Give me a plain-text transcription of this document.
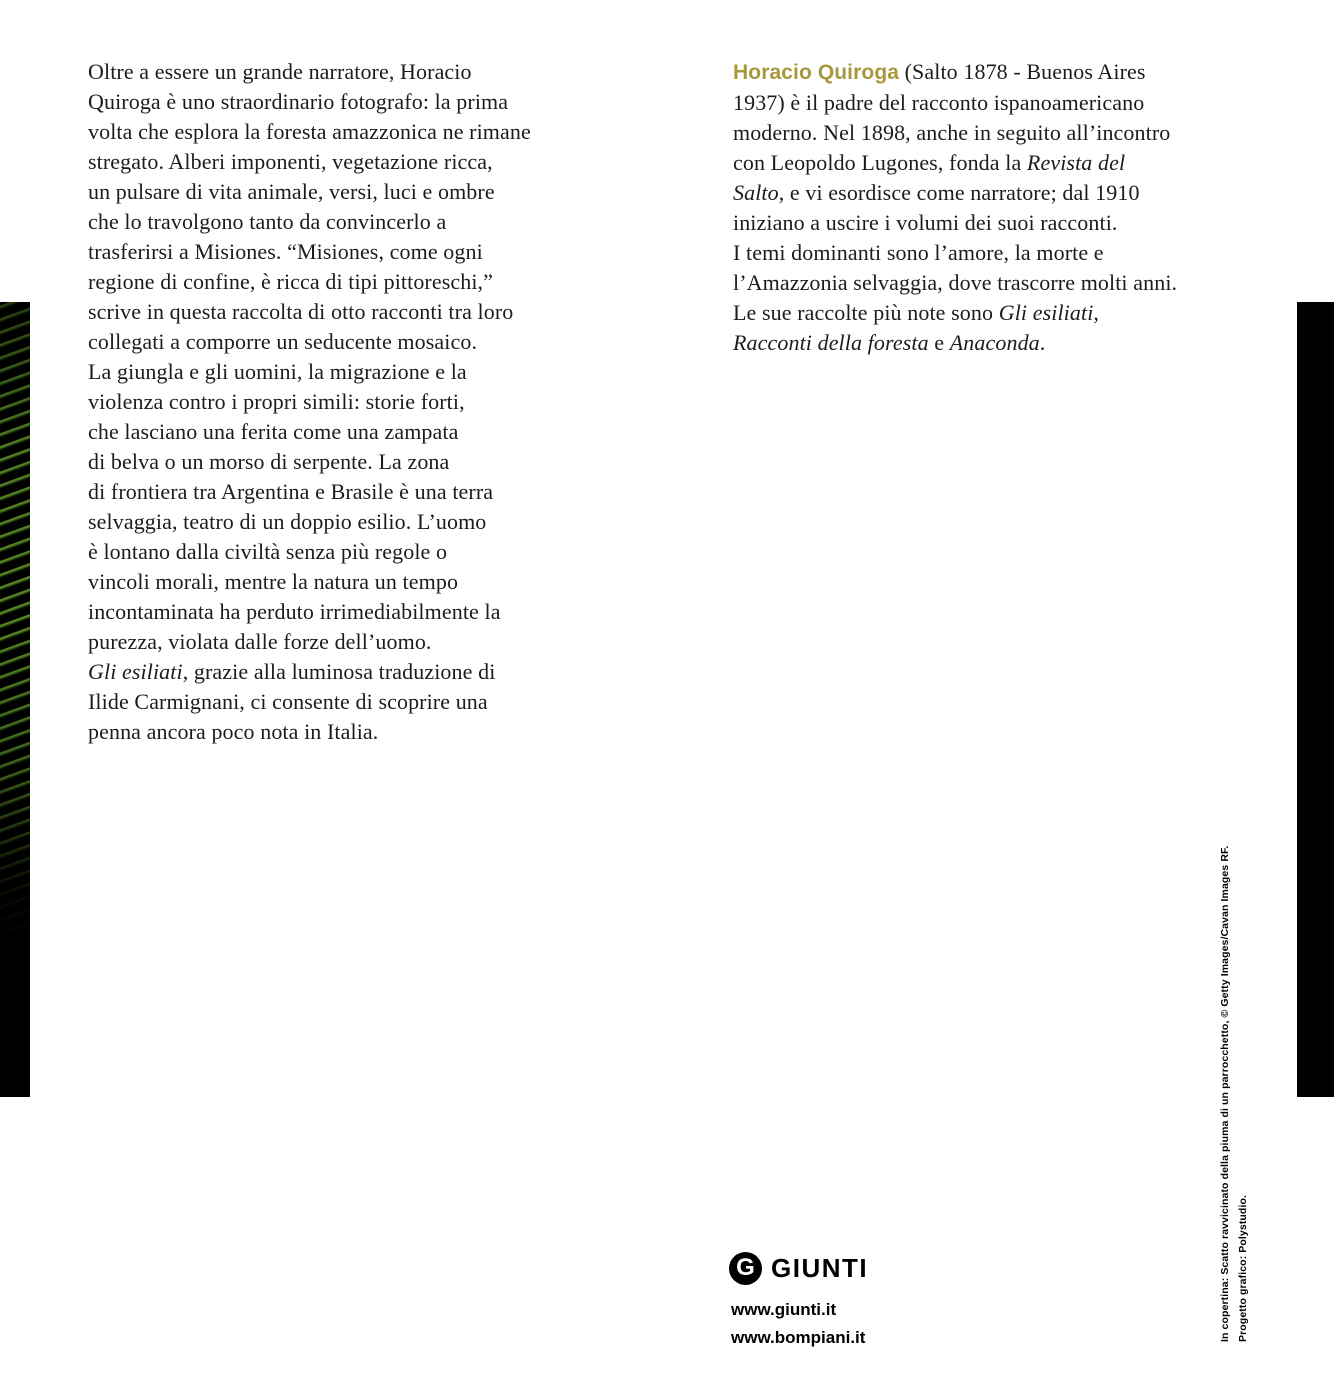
Oltre a essere un grande narratore, Horacio
Quiroga è uno straordinario fotografo: la prima
volta che esplora la foresta amazzonica ne rimane
stregato. Alberi imponenti, vegetazione ricca,
un pulsare di vita animale, versi, luci e ombre
che lo travolgono tanto da convincerlo a
trasferirsi a Misiones. “Misiones, come ogni
regione di confine, è ricca di tipi pittoreschi,”
scrive in questa raccolta di otto racconti tra loro
collegati a comporre un seducente mosaico.
La giungla e gli uomini, la migrazione e la
violenza contro i propri simili: storie forti,
che lasciano una ferita come una zampata
di belva o un morso di serpente. La zona
di frontiera tra Argentina e Brasile è una terra
selvaggia, teatro di un doppio esilio. L’uomo
è lontano dalla civiltà senza più regole o
vincoli morali, mentre la natura un tempo
incontaminata ha perduto irrimediabilmente la
purezza, violata dalle forze dell’uomo.
Gli esiliati, grazie alla luminosa traduzione di
Ilide Carmignani, ci consente di scoprire una
penna ancora poco nota in Italia.
Horacio Quiroga (Salto 1878 - Buenos Aires
1937) è il padre del racconto ispanoamericano
moderno. Nel 1898, anche in seguito all’incontro
con Leopoldo Lugones, fonda la Revista del
Salto, e vi esordisce come narratore; dal 1910
iniziano a uscire i volumi dei suoi racconti.
I temi dominanti sono l’amore, la morte e
l’Amazzonia selvaggia, dove trascorre molti anni.
Le sue raccolte più note sono Gli esiliati,
Racconti della foresta e Anaconda.
In copertina: Scatto ravvicinato della piuma di un parrocchetto, © Getty Images/Cavan Images RF. Progetto grafico: Polystudio.
G GIUNTI
www.giunti.it
www.bompiani.it
